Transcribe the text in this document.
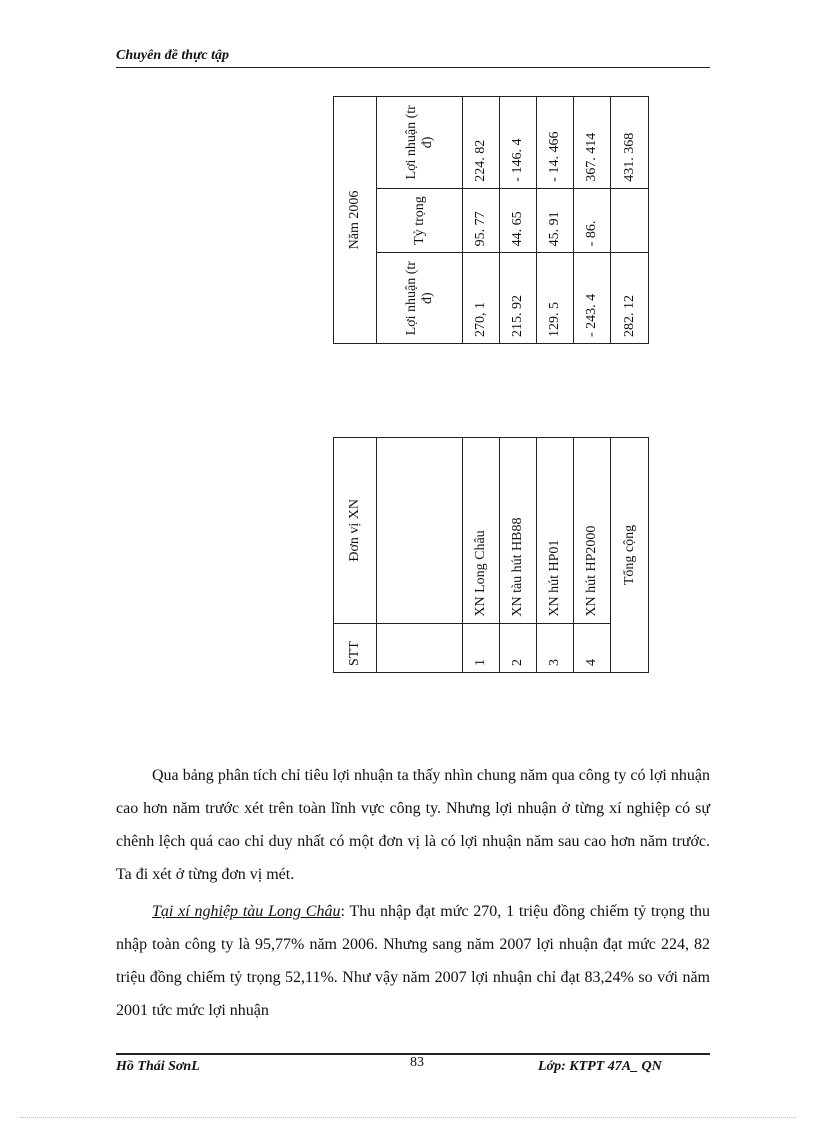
Chuyên đề thực tập
Năm 2006		
Lợi nhuận (tr đ)	Tỷ trọng	Lợi nhuận (tr đ)
270, 1	95. 77	224. 82
215. 92	44. 65	- 146. 4
129. 5	45. 91	- 14. 466
- 243. 4	- 86.	367. 414
282. 12		431. 368
STT	Đơn vị XN

1	XN Long Châu
2	XN tàu hút HB88
3	XN hút HP01
4	XN hút HP2000
Tổng cộng	

Qua bảng phân tích chỉ tiêu lợi nhuận ta thấy nhìn chung năm qua công ty có lợi nhuận cao hơn năm trước xét trên toàn lĩnh vực công ty. Nhưng lợi nhuận ở từng xí nghiệp có sự chênh lệch quá cao chỉ duy nhất có một đơn vị là có lợi nhuận năm sau cao hơn năm trước. Ta đi xét ở từng đơn vị mét.

Tại xí nghiệp tàu Long Châu: Thu nhập đạt mức 270, 1 triệu đồng chiếm tỷ trọng thu nhập toàn công ty là 95,77% năm 2006. Nhưng sang năm 2007 lợi nhuận đạt mức 224, 82 triệu đồng chiếm tỷ trọng 52,11%. Như vậy năm 2007 lợi nhuận chỉ đạt 83,24% so với năm 2001 tức mức lợi nhuận

Hồ Thái SơnL	83	Lớp: KTPT 47A_ QN
